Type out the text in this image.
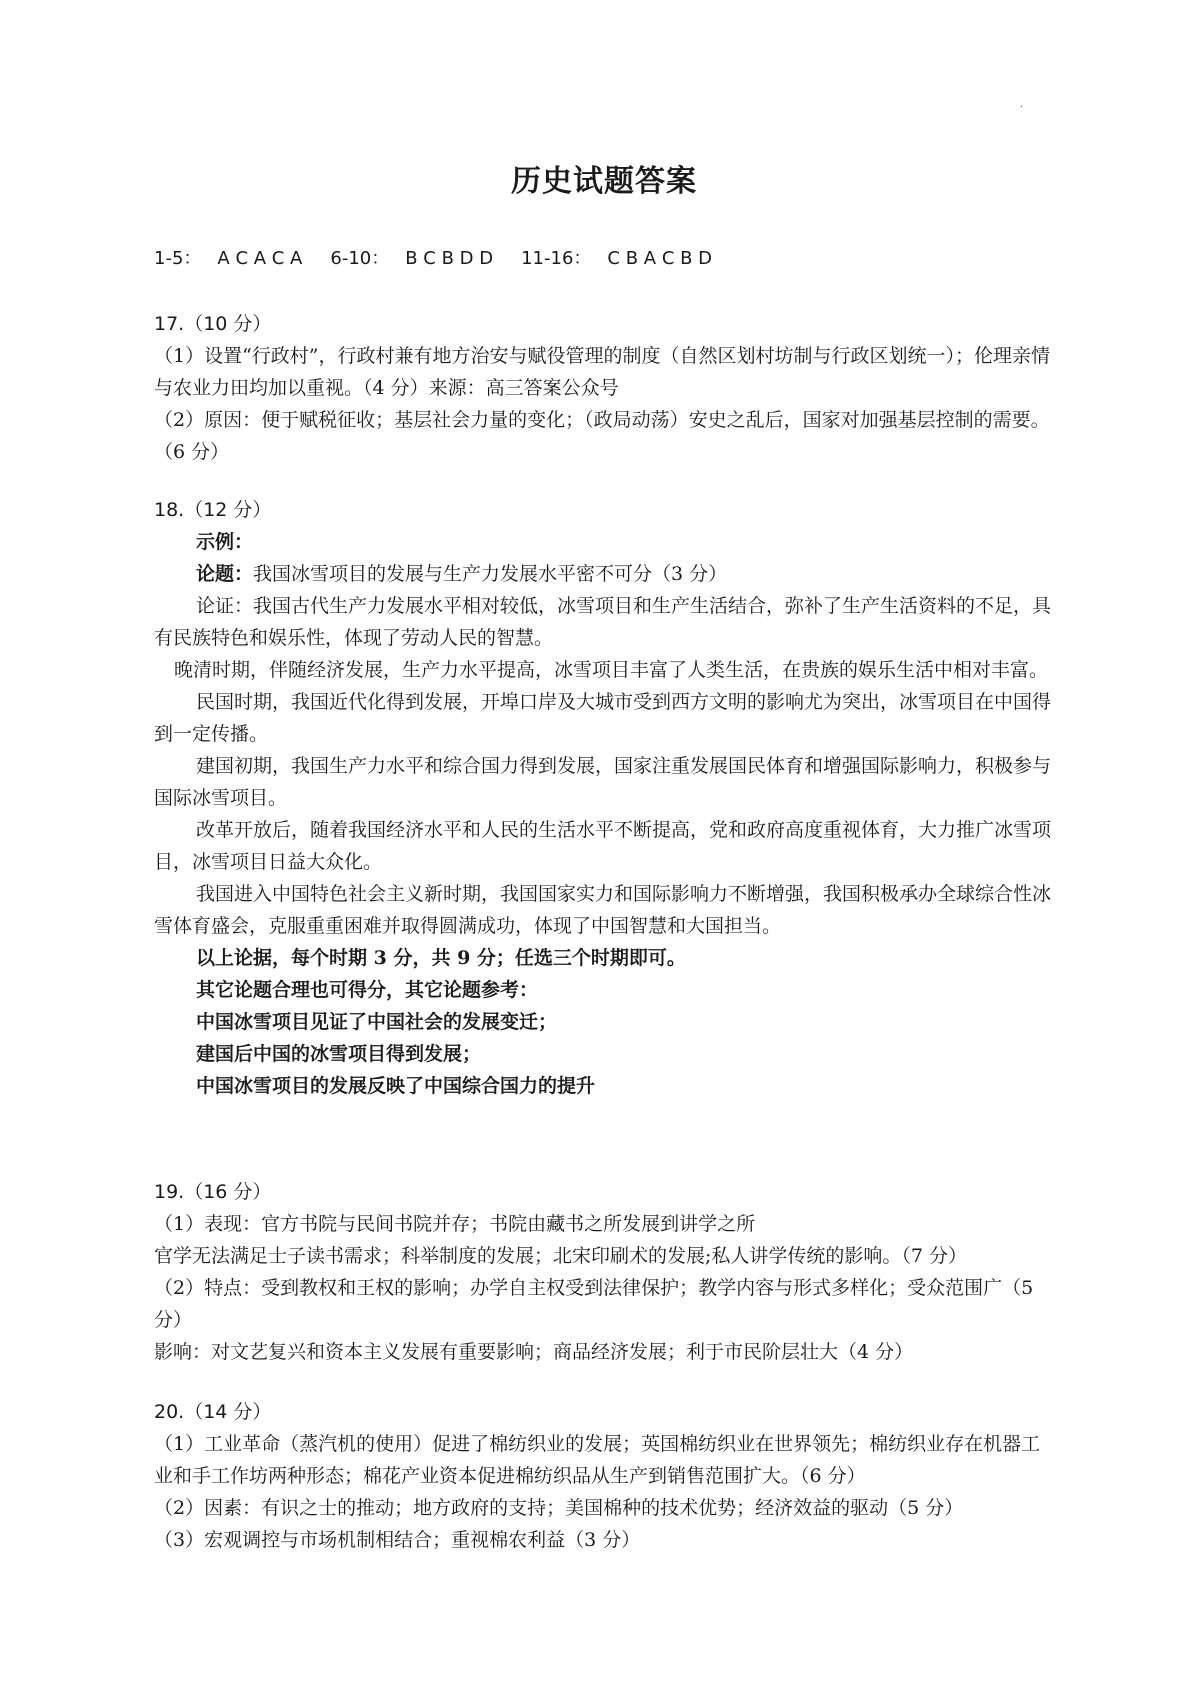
·
历史试题答案
1-5： A C A C A 6-10： B C B D D 11-16： C B A C B D

17.（10 分）

（1）设置“行政村”，行政村兼有地方治安与赋役管理的制度（自然区划村坊制与行政区划统一）；伦理亲情与农业力田均加以重视。（4 分）来源：高三答案公众号

（2）原因：便于赋税征收；基层社会力量的变化；（政局动荡）安史之乱后，国家对加强基层控制的需要。（6 分）

18.（12 分）

示例：

论题：我国冰雪项目的发展与生产力发展水平密不可分（3 分）

论证：我国古代生产力发展水平相对较低，冰雪项目和生产生活结合，弥补了生产生活资料的不足，具有民族特色和娱乐性，体现了劳动人民的智慧。

晚清时期，伴随经济发展，生产力水平提高，冰雪项目丰富了人类生活，在贵族的娱乐生活中相对丰富。

民国时期，我国近代化得到发展，开埠口岸及大城市受到西方文明的影响尤为突出，冰雪项目在中国得到一定传播。

建国初期，我国生产力水平和综合国力得到发展，国家注重发展国民体育和增强国际影响力，积极参与国际冰雪项目。

改革开放后，随着我国经济水平和人民的生活水平不断提高，党和政府高度重视体育，大力推广冰雪项目，冰雪项目日益大众化。

我国进入中国特色社会主义新时期，我国国家实力和国际影响力不断增强，我国积极承办全球综合性冰雪体育盛会，克服重重困难并取得圆满成功，体现了中国智慧和大国担当。

以上论据，每个时期 3 分，共 9 分；任选三个时期即可。

其它论题合理也可得分，其它论题参考：

中国冰雪项目见证了中国社会的发展变迁；

建国后中国的冰雪项目得到发展；

中国冰雪项目的发展反映了中国综合国力的提升

19.（16 分）

（1）表现：官方书院与民间书院并存；书院由藏书之所发展到讲学之所

官学无法满足士子读书需求；科举制度的发展；北宋印刷术的发展;私人讲学传统的影响。（7 分）

（2）特点：受到教权和王权的影响；办学自主权受到法律保护；教学内容与形式多样化；受众范围广（5 分）

影响：对文艺复兴和资本主义发展有重要影响；商品经济发展；利于市民阶层壮大（4 分）

20.（14 分）

（1）工业革命（蒸汽机的使用）促进了棉纺织业的发展；英国棉纺织业在世界领先；棉纺织业存在机器工业和手工作坊两种形态；棉花产业资本促进棉纺织品从生产到销售范围扩大。（6 分）

（2）因素：有识之士的推动；地方政府的支持；美国棉种的技术优势；经济效益的驱动（5 分）

（3）宏观调控与市场机制相结合；重视棉农利益（3 分）
